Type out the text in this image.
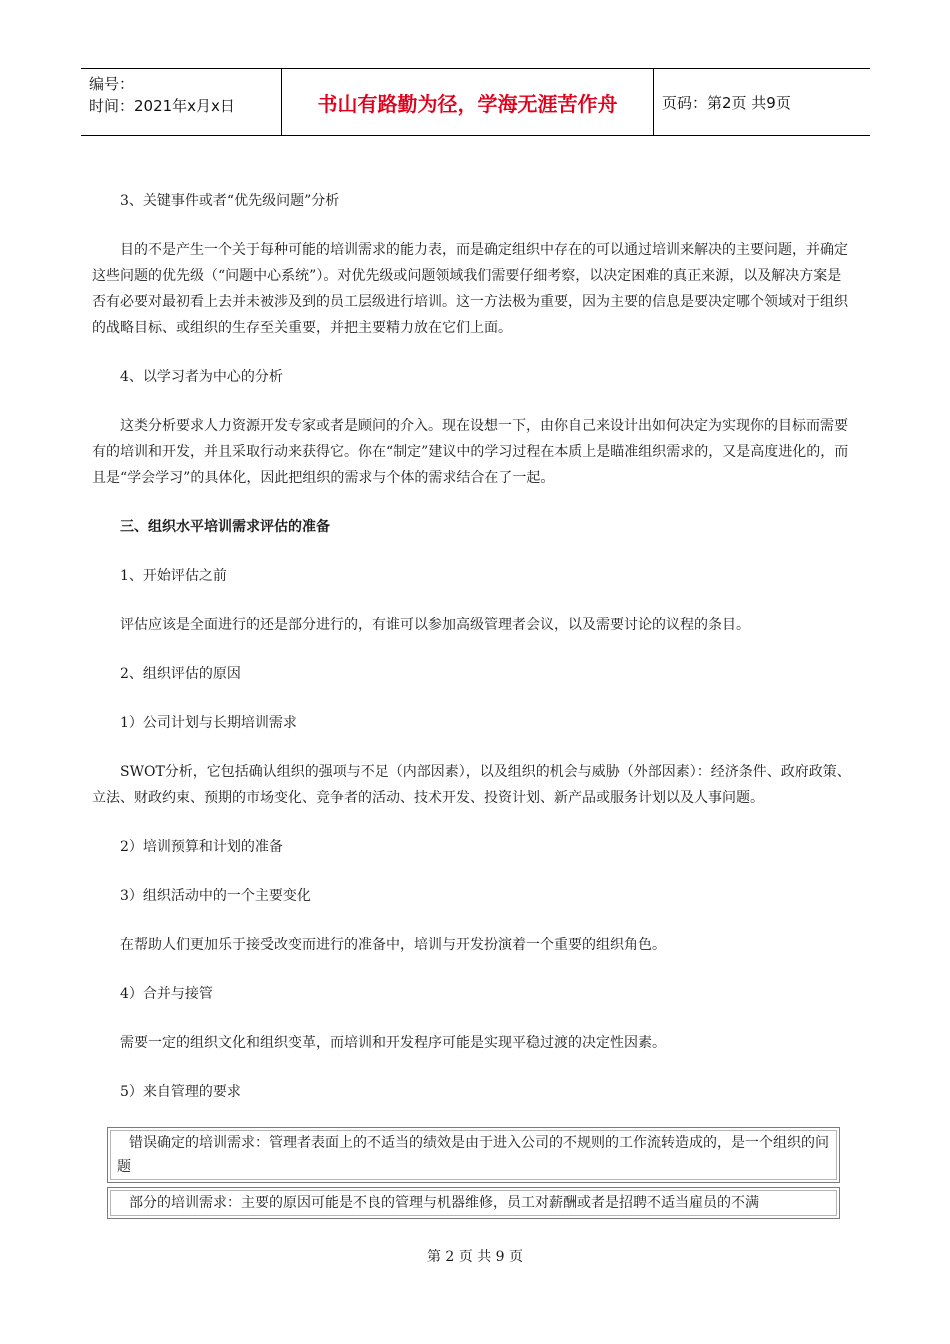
编号：
时间：2021年x月x日	书山有路勤为径，学海无涯苦作舟	页码：第2页 共9页

3、关键事件或者“优先级问题”分析

目的不是产生一个关于每种可能的培训需求的能力表，而是确定组织中存在的可以通过培训来解决的主要问题，并确定这些问题的优先级（“问题中心系统”）。对优先级或问题领域我们需要仔细考察，以决定困难的真正来源，以及解决方案是否有必要对最初看上去并未被涉及到的员工层级进行培训。这一方法极为重要，因为主要的信息是要决定哪个领域对于组织的战略目标、或组织的生存至关重要，并把主要精力放在它们上面。

4、以学习者为中心的分析

这类分析要求人力资源开发专家或者是顾问的介入。现在设想一下，由你自己来设计出如何决定为实现你的目标而需要有的培训和开发，并且采取行动来获得它。你在“制定”建议中的学习过程在本质上是瞄准组织需求的，又是高度进化的，而且是“学会学习”的具体化，因此把组织的需求与个体的需求结合在了一起。

三、组织水平培训需求评估的准备

1、开始评估之前

评估应该是全面进行的还是部分进行的，有谁可以参加高级管理者会议，以及需要讨论的议程的条目。

2、组织评估的原因

1）公司计划与长期培训需求

SWOT分析，它包括确认组织的强项与不足（内部因素），以及组织的机会与威胁（外部因素）：经济条件、政府政策、立法、财政约束、预期的市场变化、竞争者的活动、技术开发、投资计划、新产品或服务计划以及人事问题。

2）培训预算和计划的准备

3）组织活动中的一个主要变化

在帮助人们更加乐于接受改变而进行的准备中，培训与开发扮演着一个重要的组织角色。

4）合并与接管

需要一定的组织文化和组织变革，而培训和开发程序可能是实现平稳过渡的决定性因素。

5）来自管理的要求

错误确定的培训需求：管理者表面上的不适当的绩效是由于进入公司的不规则的工作流转造成的，是一个组织的问题
部分的培训需求：主要的原因可能是不良的管理与机器维修，员工对薪酬或者是招聘不适当雇员的不满
第 2 页 共 9 页
